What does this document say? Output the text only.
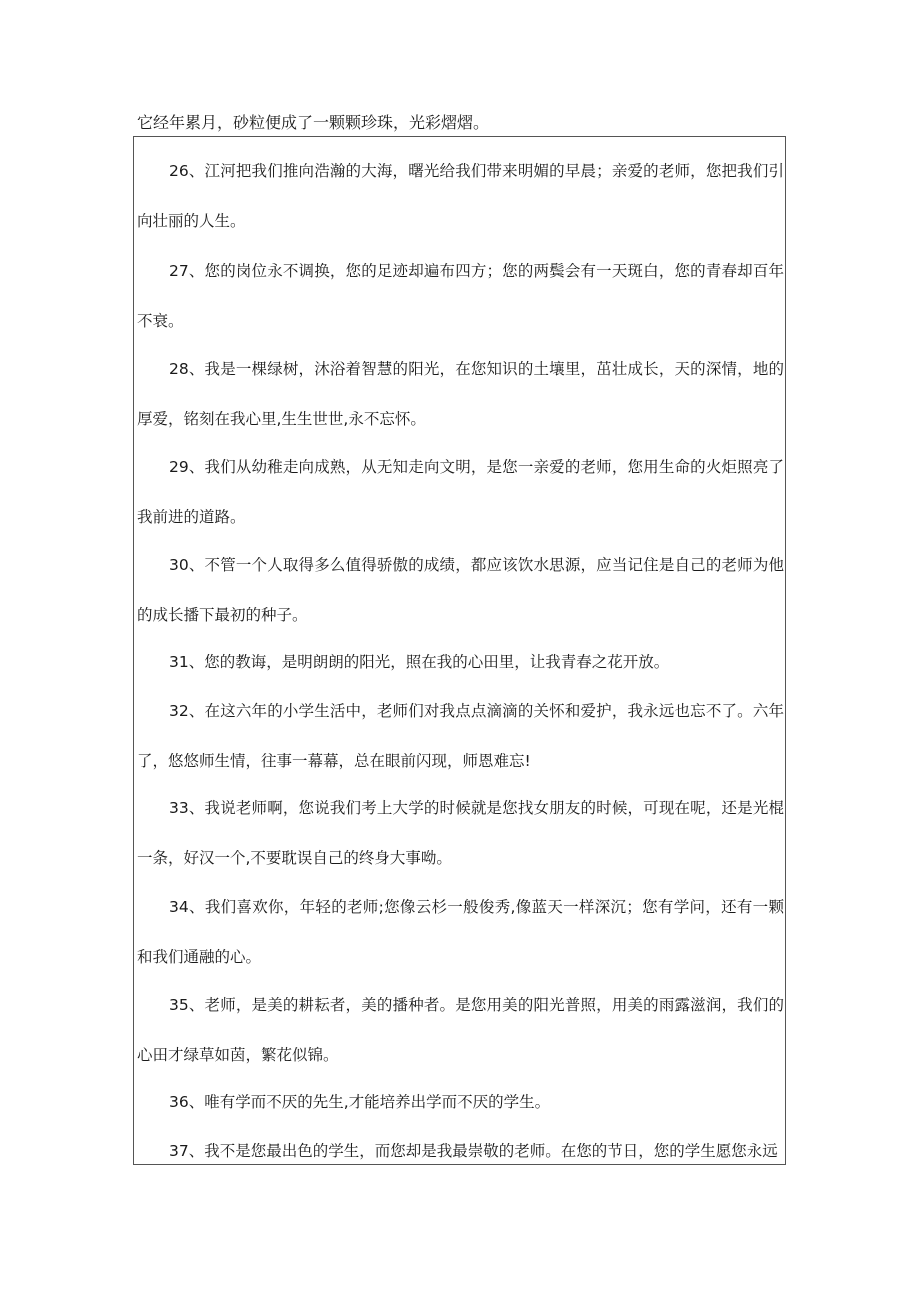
它经年累月，砂粒便成了一颗颗珍珠，光彩熠熠。

26、江河把我们推向浩瀚的大海，曙光给我们带来明媚的早晨；亲爱的老师，您把我们引向壮丽的人生。

27、您的岗位永不调换，您的足迹却遍布四方；您的两鬓会有一天斑白，您的青春却百年不衰。

28、我是一棵绿树，沐浴着智慧的阳光，在您知识的土壤里，茁壮成长，天的深情，地的厚爱，铭刻在我心里,生生世世,永不忘怀。

29、我们从幼稚走向成熟，从无知走向文明，是您一亲爱的老师，您用生命的火炬照亮了我前进的道路。

30、不管一个人取得多么值得骄傲的成绩，都应该饮水思源，应当记住是自己的老师为他的成长播下最初的种子。

31、您的教诲，是明朗朗的阳光，照在我的心田里，让我青春之花开放。

32、在这六年的小学生活中，老师们对我点点滴滴的关怀和爱护，我永远也忘不了。六年了，悠悠师生情，往事一幕幕，总在眼前闪现，师恩难忘!

33、我说老师啊，您说我们考上大学的时候就是您找女朋友的时候，可现在呢，还是光棍一条，好汉一个,不要耽误自己的终身大事呦。

34、我们喜欢你，年轻的老师;您像云杉一般俊秀,像蓝天一样深沉；您有学问，还有一颗和我们通融的心。

35、老师，是美的耕耘者，美的播种者。是您用美的阳光普照，用美的雨露滋润，我们的心田才绿草如茵，繁花似锦。

36、唯有学而不厌的先生,才能培养出学而不厌的学生。

37、我不是您最出色的学生，而您却是我最崇敬的老师。在您的节日，您的学生愿您永远
